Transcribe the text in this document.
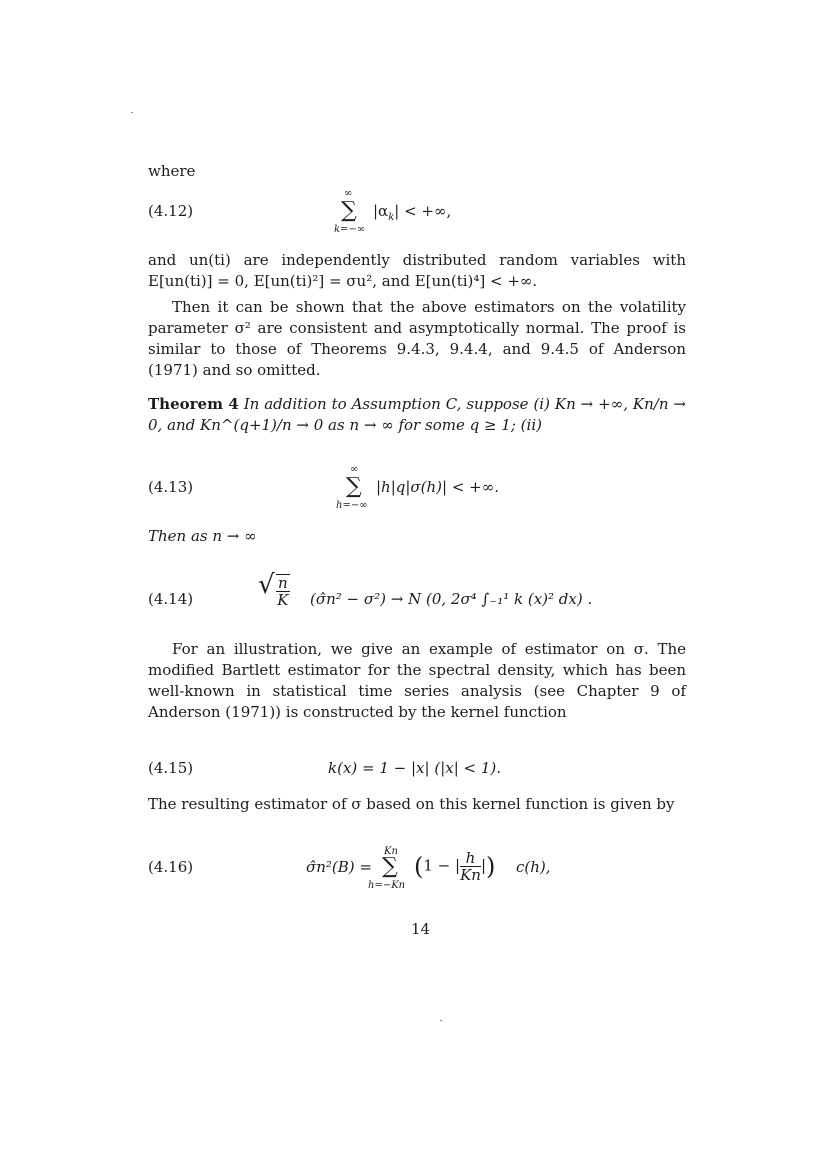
where
(4.12)
∞
∑
k=−∞
$|\alpha_k|$ < +∞,
and un(ti) are independently distributed random variables with E[un(ti)] = 0, E[un(ti)²] = σu², and E[un(ti)⁴] < +∞.
Then it can be shown that the above estimators on the volatility parameter σ² are consistent and asymptotically normal. The proof is similar to those of Theorems 9.4.3, 9.4.4, and 9.4.5 of Anderson (1971) and so omitted.
Theorem 4 In addition to Assumption C, suppose (i) Kn → +∞, Kn/n → 0, and Kn^(q+1)/n → 0 as n → ∞ for some q ≥ 1; (ii)
(4.13)
∞
∑
h=−∞
|h|q|σ(h)| < +∞.
Then as n → ∞
(4.14) √ $\frac{n}{K}$ (σ̂n² − σ²) → N (0, 2σ⁴ ∫₋₁¹ k (x)² dx) .
For an illustration, we give an example of estimator on σ. The modified Bartlett estimator for the spectral density, which has been well-known in statistical time series analysis (see Chapter 9 of Anderson (1971)) is constructed by the kernel function
(4.15)	k(x) = 1 − |x| (|x| < 1).
The resulting estimator of σ based on this kernel function is given by
(4.16)	σ̂n²(B) =
Kn
∑
h=−Kn
(1 − | $\frac{h}{Kn}$ |) c(h),
14
